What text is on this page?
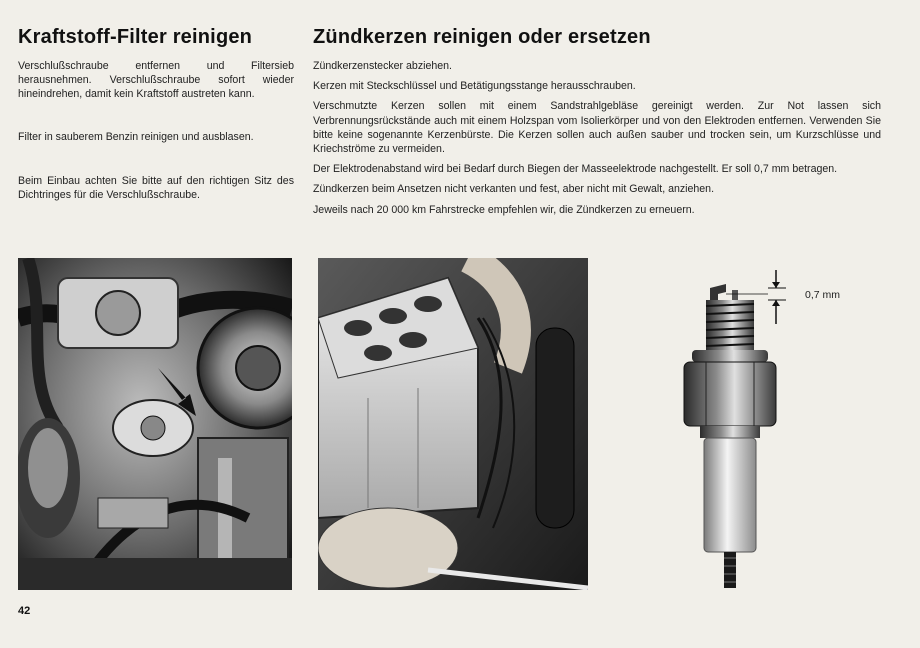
Kraftstoff-Filter reinigen

Verschlußschraube entfernen und Filtersieb herausnehmen. Verschlußschraube sofort wieder hineindrehen, damit kein Kraftstoff austreten kann.

Filter in sauberem Benzin reinigen und ausblasen.

Beim Einbau achten Sie bitte auf den richtigen Sitz des Dichtringes für die Verschlußschraube.

Zündkerzen reinigen oder ersetzen

Zündkerzenstecker abziehen.

Kerzen mit Steckschlüssel und Betätigungsstange herausschrauben.

Verschmutzte Kerzen sollen mit einem Sandstrahlgebläse gereinigt werden. Zur Not lassen sich Verbrennungsrückstände auch mit einem Holzspan vom Isolierkörper und von den Elektroden entfernen. Verwenden Sie bitte keine sogenannte Kerzenbürste. Die Kerzen sollen auch außen sauber und trocken sein, um Kurzschlüsse und Kriechströme zu vermeiden.

Der Elektrodenabstand wird bei Bedarf durch Biegen der Masseelektrode nachgestellt. Er soll 0,7 mm betragen.

Zündkerzen beim Ansetzen nicht verkanten und fest, aber nicht mit Gewalt, anziehen.

Jeweils nach 20 000 km Fahrstrecke empfehlen wir, die Zündkerzen zu erneuern.

0,7 mm
42
